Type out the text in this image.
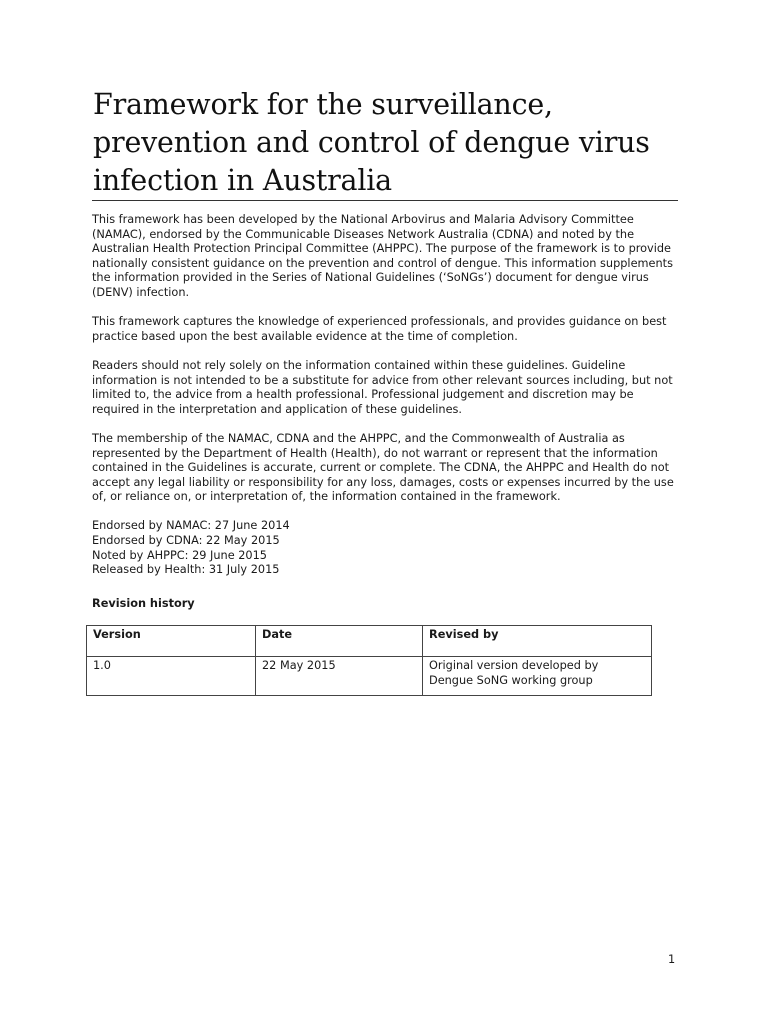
Framework for the surveillance, prevention and control of dengue virus infection in Australia

This framework has been developed by the National Arbovirus and Malaria Advisory Committee (NAMAC), endorsed by the Communicable Diseases Network Australia (CDNA) and noted by the Australian Health Protection Principal Committee (AHPPC). The purpose of the framework is to provide nationally consistent guidance on the prevention and control of dengue. This information supplements the information provided in the Series of National Guidelines (‘SoNGs’) document for dengue virus (DENV) infection.

This framework captures the knowledge of experienced professionals, and provides guidance on best practice based upon the best available evidence at the time of completion.

Readers should not rely solely on the information contained within these guidelines. Guideline information is not intended to be a substitute for advice from other relevant sources including, but not limited to, the advice from a health professional. Professional judgement and discretion may be required in the interpretation and application of these guidelines.

The membership of the NAMAC, CDNA and the AHPPC, and the Commonwealth of Australia as represented by the Department of Health (Health), do not warrant or represent that the information contained in the Guidelines is accurate, current or complete. The CDNA, the AHPPC and Health do not accept any legal liability or responsibility for any loss, damages, costs or expenses incurred by the use of, or reliance on, or interpretation of, the information contained in the framework.

Endorsed by NAMAC: 27 June 2014
Endorsed by CDNA: 22 May 2015
Noted by AHPPC: 29 June 2015
Released by Health: 31 July 2015
Revision history
Version	Date	Revised by
1.0	22 May 2015	Original version developed by Dengue SoNG working group
1
